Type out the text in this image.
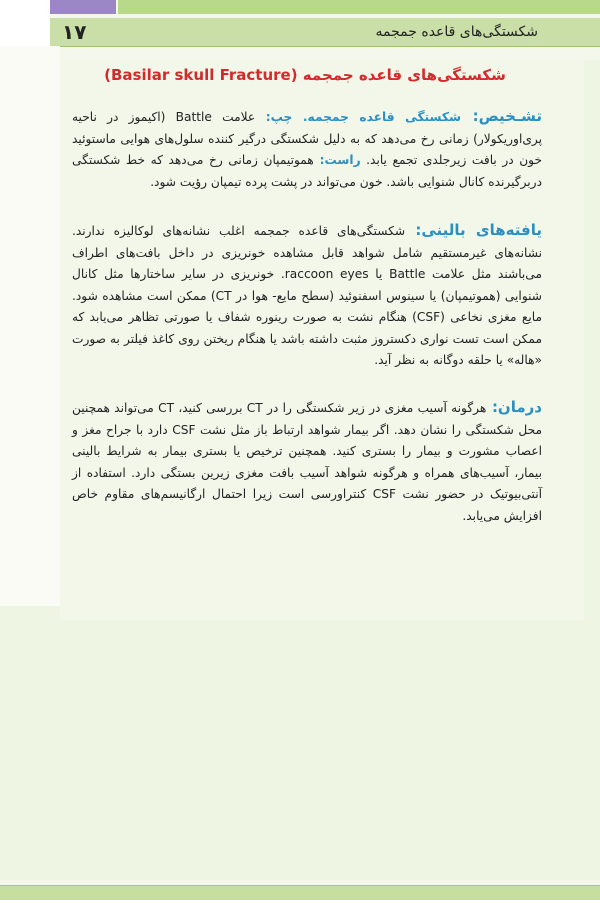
۱۷	شکستگی‌های قاعده جمجمه
شکستگی‌های قاعده جمجمه (Basilar skull Fracture)
تشـخیص: شکستگی قاعده جمجمه. چپ: علامت Battle (اکیموز در ناحیه پری‌اوریکولار) زمانی رخ می‌دهد که به دلیل شکستگی درگیر کننده سلول‌های هوایی ماستوئید خون در بافت زیرجلدی تجمع یابد. راست: هموتیمپان زمانی رخ می‌دهد که خط شکستگی دربرگیرنده کانال شنوایی باشد. خون می‌تواند در پشت پرده تیمپان رؤیت شود.
یافته‌های بالینی: شکستگی‌های قاعده جمجمه اغلب نشانه‌های لوکالیزه ندارند. نشانه‌های غیرمستقیم شامل شواهد قابل مشاهده خونریزی در داخل بافت‌های اطراف می‌باشند مثل علامت Battle یا raccoon eyes. خونریزی در سایر ساختارها مثل کانال شنوایی (هموتیمپان) یا سینوس اسفنوئید (سطح مایع- هوا در CT) ممکن است مشاهده شود. مایع مغزی نخاعی (CSF) هنگام نشت به صورت رینوره شفاف یا صورتی تظاهر می‌یابد که ممکن است تست نواری دکستروز مثبت داشته باشد یا هنگام ریختن روی کاغذ فیلتر به صورت «هاله» یا حلقه دوگانه به نظر آید.
درمان: هرگونه آسیب مغزی در زیر شکستگی را در CT بررسی کنید، CT می‌تواند همچنین محل شکستگی را نشان دهد. اگر بیمار شواهد ارتباط باز مثل نشت CSF دارد با جراح مغز و اعصاب مشورت و بیمار را بستری کنید. همچنین ترخیص یا بستری بیمار به شرایط بالینی بیمار، آسیب‌های همراه و هرگونه شواهد آسیب بافت مغزی زیرین بستگی دارد. استفاده از آنتی‌بیوتیک در حضور نشت CSF کنتراورسی است زیرا احتمال ارگانیسم‌های مقاوم خاص افزایش می‌یابد.
